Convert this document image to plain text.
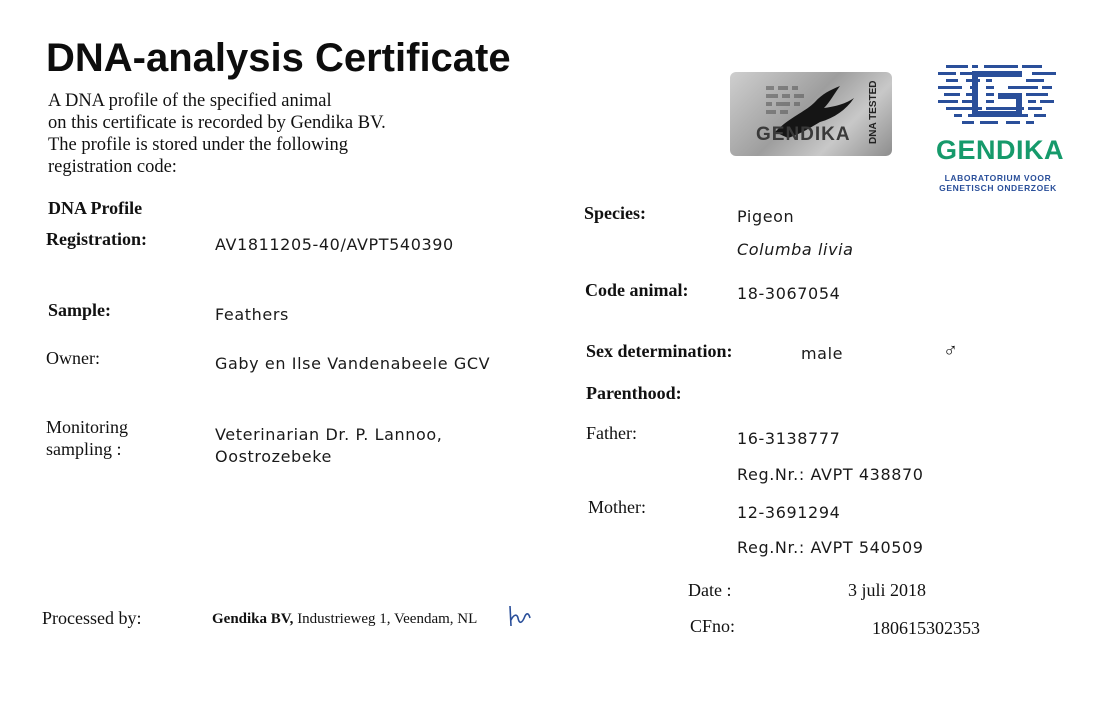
DNA-analysis Certificate
A DNA profile of the specified animal
on this certificate is recorded by Gendika BV.
The profile is stored under the following
registration code:
GENDIKA DNA TESTED
GENDIKA
LABORATORIUM VOOR
GENETISCH ONDERZOEK
DNA Profile
Registration:	AV1811205-40/AVPT540390
Sample:	Feathers
Owner:	Gaby en Ilse Vandenabeele GCV
Monitoring
sampling :
Veterinarian Dr. P. Lannoo,
Oostrozebeke
Species:	Pigeon
Columba livia
Code animal:	18-3067054
Sex determination:	male	♂
Parenthood:
Father:	16-3138777
Reg.Nr.: AVPT 438870
Mother:	12-3691294
Reg.Nr.: AVPT 540509
Processed by:	Gendika BV, Industrieweg 1, Veendam, NL
Date :	3 juli 2018
CFno:	180615302353
